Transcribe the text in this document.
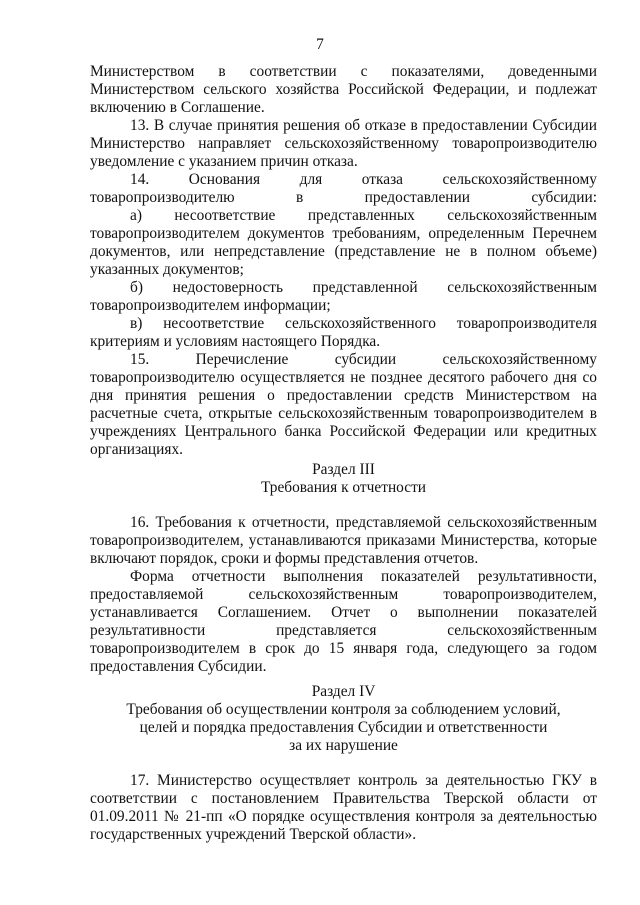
7

Министерством в соответствии с показателями, доведенными Министерством сельского хозяйства Российской Федерации, и подлежат включению в Соглашение.

13. В случае принятия решения об отказе в предоставлении Субсидии Министерство направляет сельскохозяйственному товаропроизводителю уведомление с указанием причин отказа.

14. Основания для отказа сельскохозяйственному товаропроизводителю в предоставлении субсидии:

а) несоответствие представленных сельскохозяйственным товаропроизводителем документов требованиям, определенным Перечнем документов, или непредставление (представление не в полном объеме) указанных документов;

б) недостоверность представленной сельскохозяйственным товаропроизводителем информации;

в) несоответствие сельскохозяйственного товаропроизводителя критериям и условиям настоящего Порядка.

15. Перечисление субсидии сельскохозяйственному товаропроизводителю осуществляется не позднее десятого рабочего дня со дня принятия решения о предоставлении средств Министерством на расчетные счета, открытые сельскохозяйственным товаропроизводителем в учреждениях Центрального банка Российской Федерации или кредитных организациях.

Раздел III
Требования к отчетности

16. Требования к отчетности, представляемой сельскохозяйственным товаропроизводителем, устанавливаются приказами Министерства, которые включают порядок, сроки и формы представления отчетов.

Форма отчетности выполнения показателей результативности, предоставляемой сельскохозяйственным товаропроизводителем, устанавливается Соглашением. Отчет о выполнении показателей результативности представляется сельскохозяйственным товаропроизводителем в срок до 15 января года, следующего за годом предоставления Субсидии.

Раздел IV
Требования об осуществлении контроля за соблюдением условий,
целей и порядка предоставления Субсидии и ответственности
за их нарушение

17. Министерство осуществляет контроль за деятельностью ГКУ в соответствии с постановлением Правительства Тверской области от 01.09.2011 № 21-пп «О порядке осуществления контроля за деятельностью государственных учреждений Тверской области».
